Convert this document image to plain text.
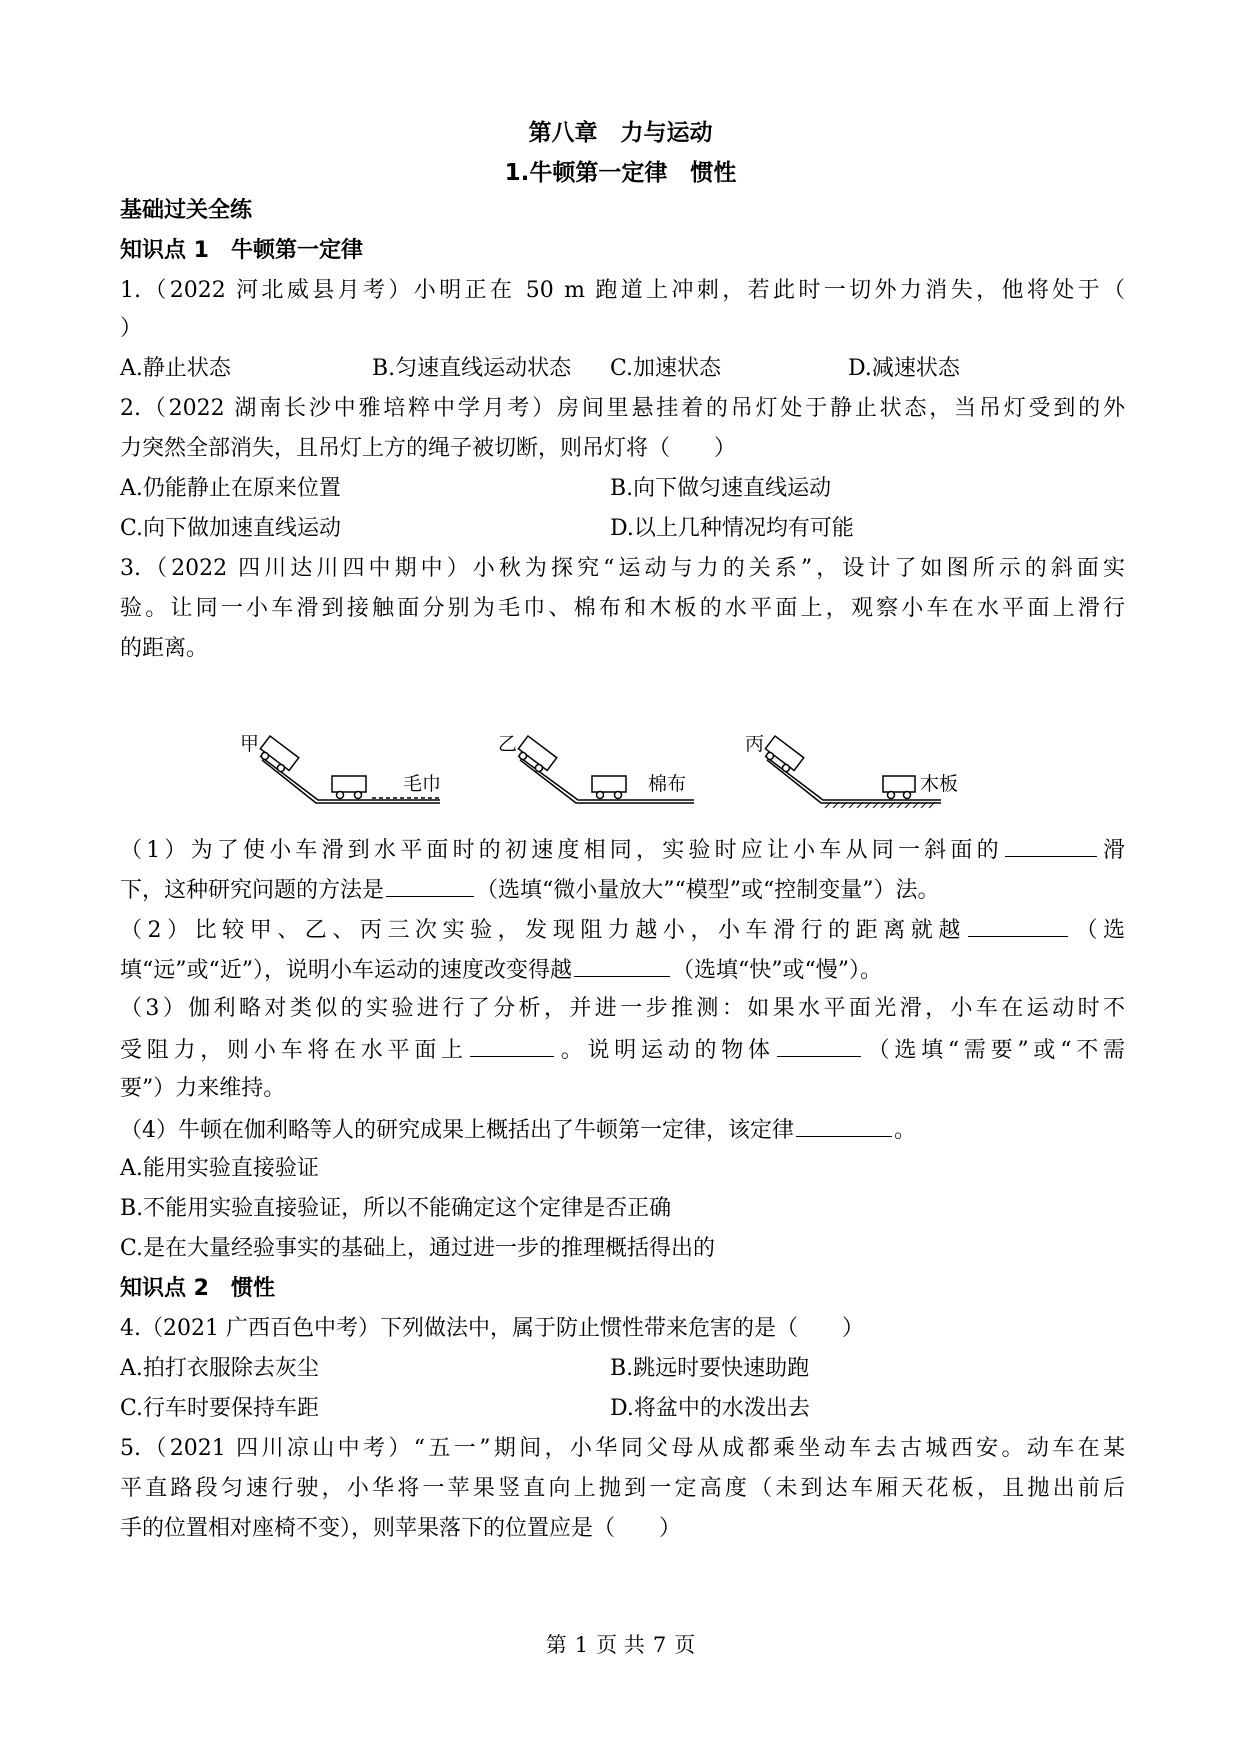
第八章　力与运动
1.牛顿第一定律　惯性
基础过关全练
知识点 1　牛顿第一定律
1.（2022 河北威县月考）小明正在 50 m 跑道上冲刺，若此时一切外力消失，他将处于（
）
A.静止状态	B.匀速直线运动状态 C.加速状态	D.减速状态
2.（2022 湖南长沙中雅培粹中学月考）房间里悬挂着的吊灯处于静止状态，当吊灯受到的外
力突然全部消失，且吊灯上方的绳子被切断，则吊灯将（　　）
A.仍能静止在原来位置	B.向下做匀速直线运动
C.向下做加速直线运动	D.以上几种情况均有可能
3.（2022 四川达川四中期中）小秋为探究“运动与力的关系”，设计了如图所示的斜面实
验。让同一小车滑到接触面分别为毛巾、棉布和木板的水平面上，观察小车在水平面上滑行
的距离。
甲
毛巾
乙
棉布
丙
木板
（1）为了使小车滑到水平面时的初速度相同，实验时应让小车从同一斜面的	滑
下，这种研究问题的方法是	（选填“微小量放大”“模型”或“控制变量”）法。
（2）比较甲、乙、丙三次实验，发现阻力越小，小车滑行的距离就越	（选
填“远”或“近”），说明小车运动的速度改变得越	（选填“快”或“慢”）。
（3）伽利略对类似的实验进行了分析，并进一步推测：如果水平面光滑，小车在运动时不
受阻力，则小车将在水平面上	。说明运动的物体	（选填“需要”或“不需
要”）力来维持。
（4）牛顿在伽利略等人的研究成果上概括出了牛顿第一定律，该定律	。
A.能用实验直接验证
B.不能用实验直接验证，所以不能确定这个定律是否正确
C.是在大量经验事实的基础上，通过进一步的推理概括得出的
知识点 2　惯性
4.（2021 广西百色中考）下列做法中，属于防止惯性带来危害的是（　　）
A.拍打衣服除去灰尘	B.跳远时要快速助跑
C.行车时要保持车距	D.将盆中的水泼出去
5.（2021 四川凉山中考）“五一”期间，小华同父母从成都乘坐动车去古城西安。动车在某
平直路段匀速行驶，小华将一苹果竖直向上抛到一定高度（未到达车厢天花板，且抛出前后
手的位置相对座椅不变），则苹果落下的位置应是（　　）
第 1 页 共 7 页
